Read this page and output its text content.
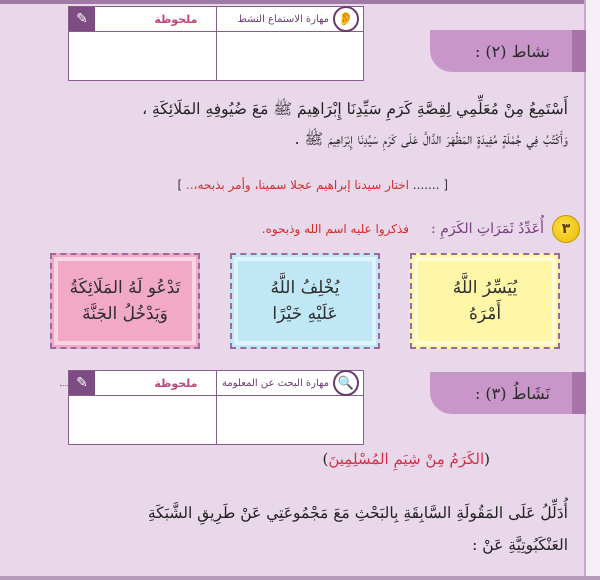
👂
مهارة الاستماع النشط
ملحوظة
✎
نشاط (٢) :
أَسْتَمِعُ مِنْ مُعَلِّمِي لِقِصَّةِ كَرَمِ سَيِّدِنَا إِبْرَاهِيمَ ﷺ مَعَ ضُيُوفِهِ المَلَائِكَةِ ،
وَأَكْتُبُ فِي جُمْلَةٍ مُفِيدَةٍ المَظْهَرَ الدَّالَّ عَلَى كَرَمِ سَيِّدِنَا إِبْرَاهِيمَ ﷺ .
[ ....... اختار سيدنا إبراهيم عجلا سمينا، وأمر بذبحه،.. ]
٣
أُعَدِّدُ ثَمَرَاتِ الكَرَمِ :
فذكروا عليه اسم الله وذبحوه.
يُيَسِّرُ اللَّهُ
أَمْرَهُ
يُخْلِفُ اللَّهُ
عَلَيْهِ خَيْرًا
تَدْعُو لَهُ المَلَائِكَةُ
وَيَدْخُلُ الجَنَّةَ
🔍
مهارة البحث عن المعلومة
ملحوظة
✎
نَشَاطُ (٣) :
(الكَرَمُ مِنْ شِيَمِ المُسْلِمِينَ)
أُدَلِّلُ عَلَى المَقُولَةِ السَّابِقَةِ بِالبَحْثِ مَعَ مَجْمُوعَتِي عَنْ طَرِيقِ الشَّبَكَةِ
العَنْكَبُوتِيَّةِ عَنْ :
